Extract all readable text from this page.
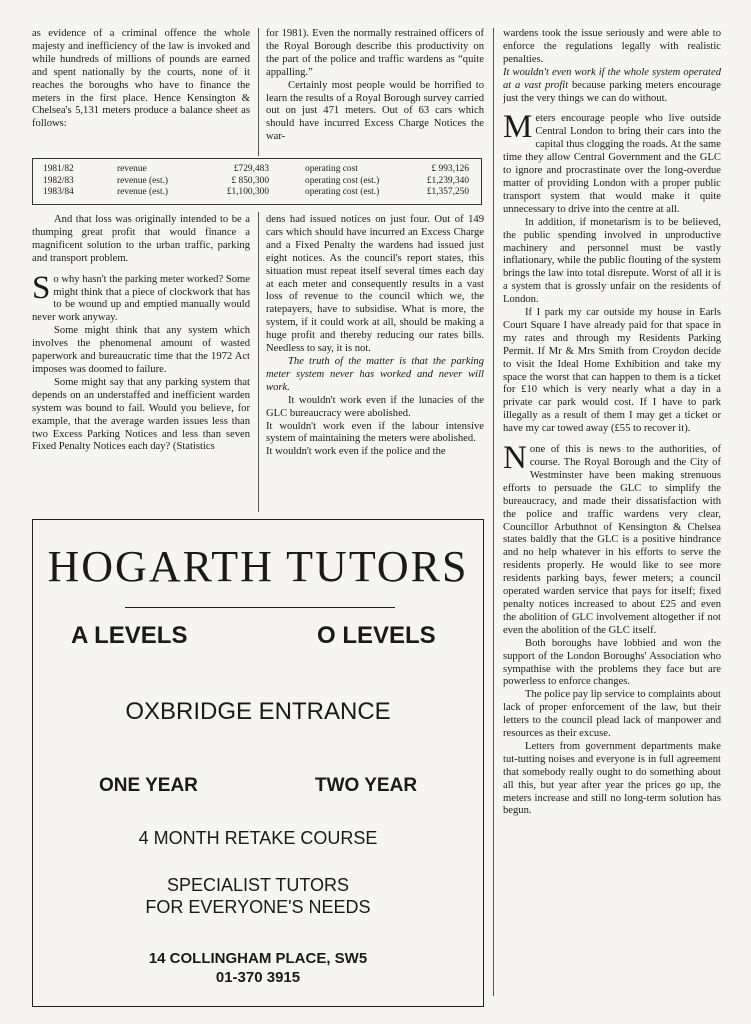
as evidence of a criminal offence the whole majesty and inefficiency of the law is invoked and while hundreds of millions of pounds are earned and spent nationally by the courts, none of it reaches the boroughs who have to finance the meters in the first place. Hence Kensington & Chelsea's 5,131 meters produce a balance sheet as follows:

for 1981). Even the normally restrained officers of the Royal Borough describe this productivity on the part of the police and traffic wardens as “quite appalling.”

Certainly most people would be horrified to learn the results of a Royal Borough survey carried out on just 471 meters. Out of 63 cars which should have incurred Excess Charge Notices the war-

1981/82	revenue	£729,483	operating cost	£ 993,126
1982/83	revenue (est.)	£ 850,300	operating cost (est.)	£1,239,340
1983/84	revenue (est.)	£1,100,300	operating cost (est.)	£1,357,250

And that loss was originally intended to be a thumping great profit that would finance a magnificent solution to the urban traffic, parking and transport problem.

So why hasn't the parking meter worked? Some might think that a piece of clockwork that has to be wound up and emptied manually would never work anyway.

Some might think that any system which involves the phenomenal amount of wasted paperwork and bureaucratic time that the 1972 Act imposes was doomed to failure.

Some might say that any parking system that depends on an understaffed and inefficient warden system was bound to fail. Would you believe, for example, that the average warden issues less than two Excess Parking Notices and less than seven Fixed Penalty Notices each day? (Statistics

dens had issued notices on just four. Out of 149 cars which should have incurred an Excess Charge and a Fixed Penalty the wardens had issued just eight notices. As the council's report states, this situation must repeat itself several times each day at each meter and consequently results in a vast loss of revenue to the council which we, the ratepayers, have to subsidise. What is more, the system, if it could work at all, should be making a huge profit and thereby reducing our rates bills. Needless to say, it is not.

The truth of the matter is that the parking meter system never has worked and never will work.

It wouldn't work even if the lunacies of the GLC bureaucracy were abolished.

It wouldn't work even if the labour intensive system of maintaining the meters were abolished.

It wouldn't work even if the police and the

wardens took the issue seriously and were able to enforce the regulations legally with realistic penalties.

It wouldn't even work if the whole system operated at a vast profit because parking meters encourage just the very things we can do without.

Meters encourage people who live outside Central London to bring their cars into the capital thus clogging the roads. At the same time they allow Central Government and the GLC to ignore and procrastinate over the long-overdue matter of providing London with a proper public transport system that would make it quite unnecessary to drive into the centre at all.

In addition, if monetarism is to be believed, the public spending involved in unproductive machinery and personnel must be vastly inflationary, while the public flouting of the system brings the law into total disrepute. Worst of all it is a system that is grossly unfair on the residents of London.

If I park my car outside my house in Earls Court Square I have already paid for that space in my rates and through my Residents Parking Permit. If Mr & Mrs Smith from Croydon decide to visit the Ideal Home Exhibition and take my space the worst that can happen to them is a ticket for £10 which is very nearly what a day in a private car park would cost. If I have to park illegally as a result of them I may get a ticket or have my car towed away (£55 to recover it).

None of this is news to the authorities, of course. The Royal Borough and the City of Westminster have been making strenuous efforts to persuade the GLC to simplify the bureaucracy, and made their dissatisfaction with the police and traffic wardens very clear, Councillor Arbuthnot of Kensington & Chelsea states baldly that the GLC is a positive hindrance and no help whatever in his efforts to serve the residents properly. He would like to see more residents parking bays, fewer meters; a council operated warden service that pays for itself; fixed penalty notices increased to about £25 and even the abolition of GLC involvement altogether if not even the abolition of the GLC itself.

Both boroughs have lobbied and won the support of the London Boroughs' Association who sympathise with the problems they face but are powerless to enforce changes.

The police pay lip service to complaints about lack of proper enforcement of the law, but their letters to the council plead lack of manpower and resources as their excuse.

Letters from government departments make tut-tutting noises and everyone is in full agreement that somebody really ought to do something about all this, but year after year the prices go up, the meters increase and still no long-term solution has begun.

HOGARTH TUTORS
A LEVELS	O LEVELS
OXBRIDGE ENTRANCE
ONE YEAR	TWO YEAR
4 MONTH RETAKE COURSE
SPECIALIST TUTORS
FOR EVERYONE'S NEEDS
14 COLLINGHAM PLACE, SW5
01-370 3915
